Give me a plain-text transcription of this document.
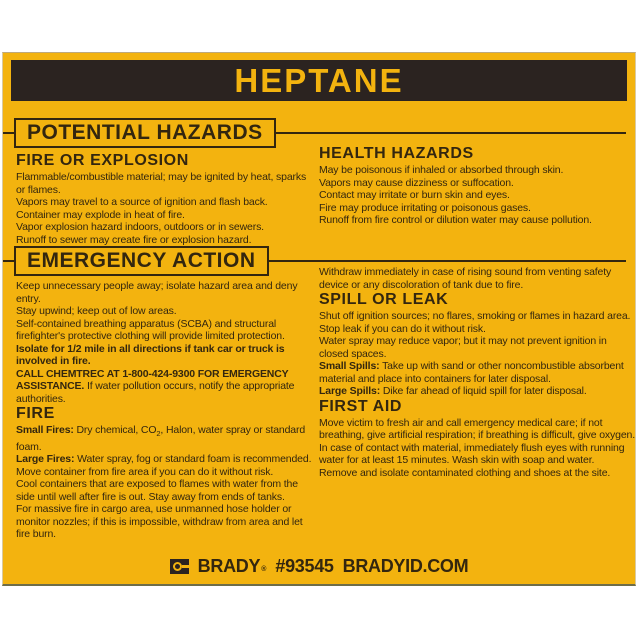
HEPTANE
POTENTIAL HAZARDS
FIRE OR EXPLOSION

Flammable/combustible material; may be ignited by heat, sparks or flames.

Vapors may travel to a source of ignition and flash back.

Container may explode in heat of fire.

Vapor explosion hazard indoors, outdoors or in sewers.

Runoff to sewer may create fire or explosion hazard.

HEALTH HAZARDS

May be poisonous if inhaled or absorbed through skin.

Vapors may cause dizziness or suffocation.

Contact may irritate or burn skin and eyes.

Fire may produce irritating or poisonous gases.

Runoff from fire control or dilution water may cause pollution.

EMERGENCY ACTION

Keep unnecessary people away; isolate hazard area and deny entry.

Stay upwind; keep out of low areas.

Self-contained breathing apparatus (SCBA) and structural firefighter's protective clothing will provide limited protection.

Isolate for 1/2 mile in all directions if tank car or truck is involved in fire.

CALL CHEMTREC AT 1-800-424-9300 FOR EMERGENCY ASSISTANCE. If water pollution occurs, notify the appropriate authorities.

FIRE

Small Fires: Dry chemical, $CO_2$, Halon, water spray or standard foam.

Large Fires: Water spray, fog or standard foam is recommended.

Move container from fire area if you can do it without risk.

Cool containers that are exposed to flames with water from the side until well after fire is out. Stay away from ends of tanks.

For massive fire in cargo area, use unmanned hose holder or monitor nozzles; if this is impossible, withdraw from area and let fire burn.

Withdraw immediately in case of rising sound from venting safety device or any discoloration of tank due to fire.

SPILL OR LEAK

Shut off ignition sources; no flares, smoking or flames in hazard area.

Stop leak if you can do it without risk.

Water spray may reduce vapor; but it may not prevent ignition in closed spaces.

Small Spills: Take up with sand or other noncombustible absorbent material and place into containers for later disposal.

Large Spills: Dike far ahead of liquid spill for later disposal.

FIRST AID

Move victim to fresh air and call emergency medical care; if not breathing, give artificial respiration; if breathing is difficult, give oxygen.

In case of contact with material, immediately flush eyes with running water for at least 15 minutes. Wash skin with soap and water.

Remove and isolate contaminated clothing and shoes at the site.

BRADY ® #93545 BRADYID.COM
